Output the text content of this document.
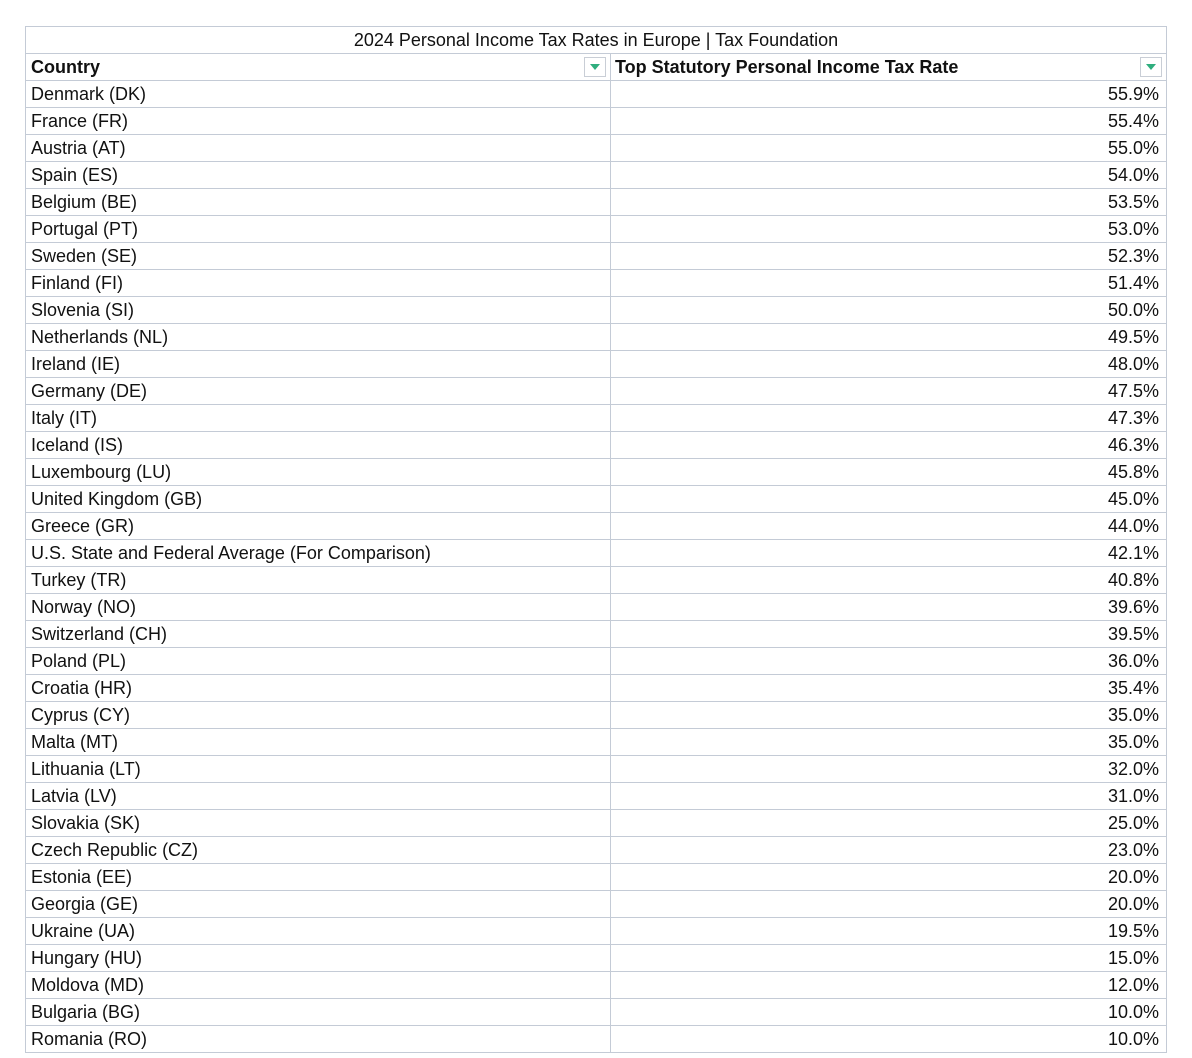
2024 Personal Income Tax Rates in Europe | Tax Foundation
Country	Top Statutory Personal Income Tax Rate
Denmark (DK)	55.9%
France (FR)	55.4%
Austria (AT)	55.0%
Spain (ES)	54.0%
Belgium (BE)	53.5%
Portugal (PT)	53.0%
Sweden (SE)	52.3%
Finland (FI)	51.4%
Slovenia (SI)	50.0%
Netherlands (NL)	49.5%
Ireland (IE)	48.0%
Germany (DE)	47.5%
Italy (IT)	47.3%
Iceland (IS)	46.3%
Luxembourg (LU)	45.8%
United Kingdom (GB)	45.0%
Greece (GR)	44.0%
U.S. State and Federal Average (For Comparison)	42.1%
Turkey (TR)	40.8%
Norway (NO)	39.6%
Switzerland (CH)	39.5%
Poland (PL)	36.0%
Croatia (HR)	35.4%
Cyprus (CY)	35.0%
Malta (MT)	35.0%
Lithuania (LT)	32.0%
Latvia (LV)	31.0%
Slovakia (SK)	25.0%
Czech Republic (CZ)	23.0%
Estonia (EE)	20.0%
Georgia (GE)	20.0%
Ukraine (UA)	19.5%
Hungary (HU)	15.0%
Moldova (MD)	12.0%
Bulgaria (BG)	10.0%
Romania (RO)	10.0%
